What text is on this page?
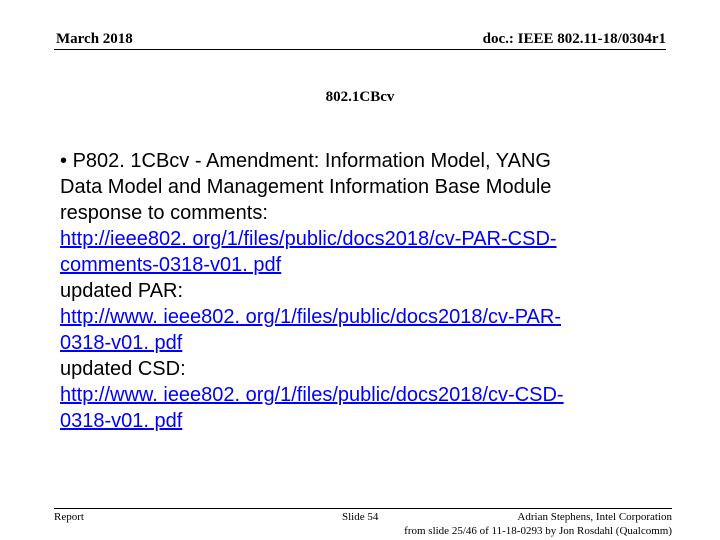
March 2018	doc.: IEEE 802.11-18/0304r1
802.1CBcv
• P802. 1CBcv - Amendment: Information Model, YANG
Data Model and Management Information Base Module
response to comments:
http://ieee802. org/1/files/public/docs2018/cv-PAR-CSD-
comments-0318-v01. pdf
updated PAR:
http://www. ieee802. org/1/files/public/docs2018/cv-PAR-
0318-v01. pdf
updated CSD:
http://www. ieee802. org/1/files/public/docs2018/cv-CSD-
0318-v01. pdf
Report	Slide 54	Adrian Stephens, Intel Corporation
from slide 25/46 of 11-18-0293 by Jon Rosdahl (Qualcomm)
